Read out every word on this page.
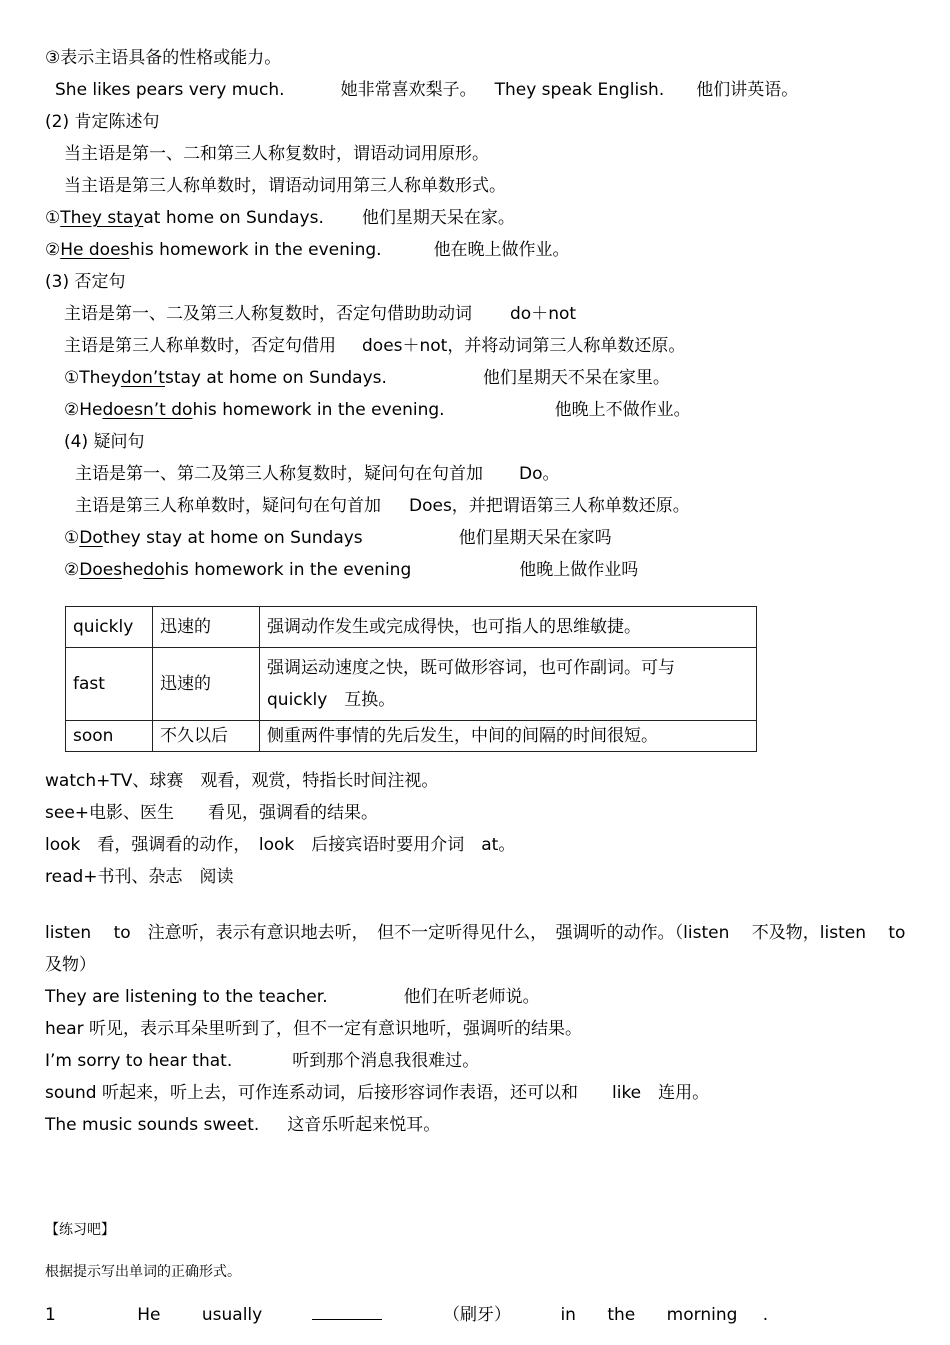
③表示主语具备的性格或能力。
She likes pears very much.	她非常喜欢梨子。 They speak English. 他们讲英语。
(2) 肯定陈述句
当主语是第一、二和第三人称复数时，谓语动词用原形。
当主语是第三人称单数时，谓语动词用第三人称单数形式。
①They stayat home on Sundays. 他们星期天呆在家。
②He doeshis homework in the evening.	他在晚上做作业。
(3) 否定句
主语是第一、二及第三人称复数时，否定句借助助动词 do＋not
主语是第三人称单数时，否定句借用 does＋not，并将动词第三人称单数还原。
①Theydon’tstay at home on Sundays.	他们星期天不呆在家里。
②Hedoesn’t dohis homework in the evening.	他晚上不做作业。
(4) 疑问句
主语是第一、第二及第三人称复数时，疑问句在句首加 Do。
主语是第三人称单数时，疑问句在句首加 Does，并把谓语第三人称单数还原。
①Dothey stay at home on Sundays	他们星期天呆在家吗
②Doeshedohis homework in the evening	他晚上做作业吗
quickly	迅速的	强调动作发生或完成得快，也可指人的思维敏捷。
fast	迅速的	强调运动速度之快，既可做形容词，也可作副词。可与
quickly　互换。

soon	不久以后	侧重两件事情的先后发生，中间的间隔的时间很短。
watch+TV、球赛　观看，观赏，特指长时间注视。
see+电影、医生　　看见，强调看的结果。
look　看，强调看的动作，　look　后接宾语时要用介词　at。
read+书刊、杂志　阅读
listen　 to　注意听，表示有意识地去听，　但不一定听得见什么，　强调听的动作。（listen　 不及物，listen　 to
及物）
They are listening to the teacher.	他们在听老师说。
hear 听见，表示耳朵里听到了，但不一定有意识地听，强调听的结果。
I’m sorry to hear that.	听到那个消息我很难过。
sound 听起来，听上去，可作连系动词，后接形容词作表语，还可以和　　like　连用。
The music sounds sweet. 这音乐听起来悦耳。
【练习吧】
根据提示写出单词的正确形式。
1	He usually	（刷牙）	in the morning .
